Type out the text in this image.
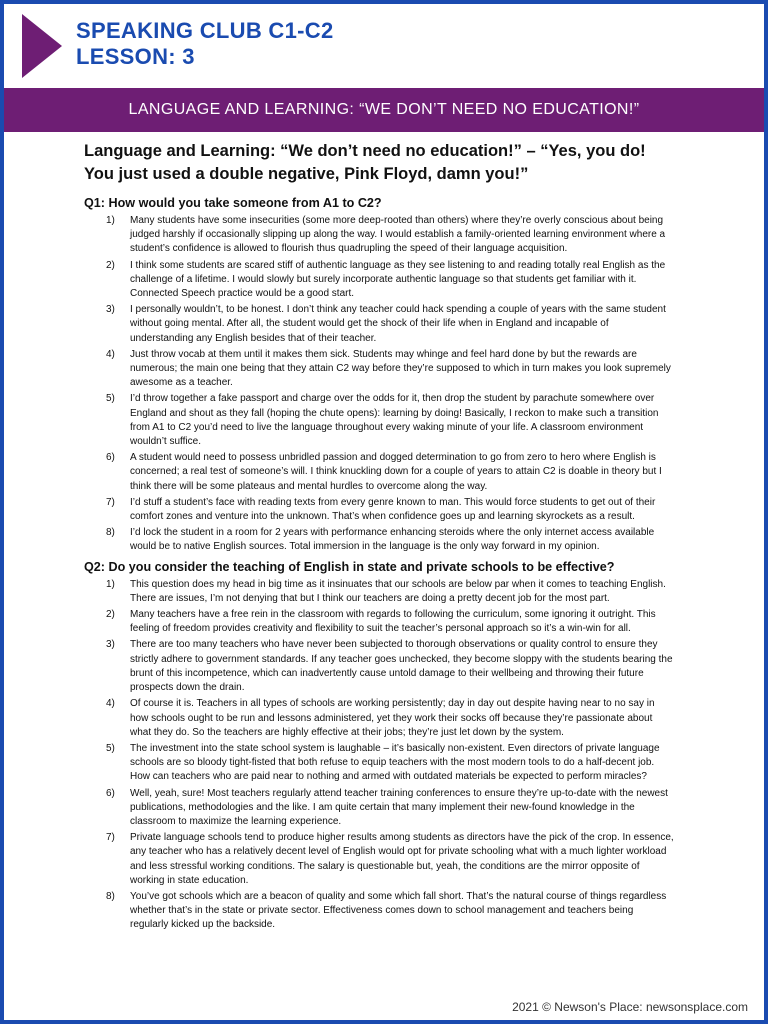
SPEAKING CLUB C1-C2
LESSON: 3
LANGUAGE AND LEARNING: “WE DON’T NEED NO EDUCATION!”
Language and Learning: “We don’t need no education!” – “Yes, you do! You just used a double negative, Pink Floyd, damn you!”
Q1: How would you take someone from A1 to C2?
1) Many students have some insecurities (some more deep-rooted than others) where they’re overly conscious about being judged harshly if occasionally slipping up along the way. I would establish a family-oriented learning environment where a student’s confidence is allowed to flourish thus quadrupling the speed of their language acquisition.
2) I think some students are scared stiff of authentic language as they see listening to and reading totally real English as the challenge of a lifetime. I would slowly but surely incorporate authentic language so that students get familiar with it. Connected Speech practice would be a good start.
3) I personally wouldn’t, to be honest. I don’t think any teacher could hack spending a couple of years with the same student without going mental. After all, the student would get the shock of their life when in England and incapable of understanding any English besides that of their teacher.
4) Just throw vocab at them until it makes them sick. Students may whinge and feel hard done by but the rewards are numerous; the main one being that they attain C2 way before they’re supposed to which in turn makes you look supremely awesome as a teacher.
5) I’d throw together a fake passport and charge over the odds for it, then drop the student by parachute somewhere over England and shout as they fall (hoping the chute opens): learning by doing! Basically, I reckon to make such a transition from A1 to C2 you’d need to live the language throughout every waking minute of your life. A classroom environment wouldn’t suffice.
6) A student would need to possess unbridled passion and dogged determination to go from zero to hero where English is concerned; a real test of someone’s will. I think knuckling down for a couple of years to attain C2 is doable in theory but I think there will be some plateaus and mental hurdles to overcome along the way.
7) I’d stuff a student’s face with reading texts from every genre known to man. This would force students to get out of their comfort zones and venture into the unknown. That’s when confidence goes up and learning skyrockets as a result.
8) I’d lock the student in a room for 2 years with performance enhancing steroids where the only internet access available would be to native English sources. Total immersion in the language is the only way forward in my opinion.
Q2: Do you consider the teaching of English in state and private schools to be effective?
1) This question does my head in big time as it insinuates that our schools are below par when it comes to teaching English. There are issues, I’m not denying that but I think our teachers are doing a pretty decent job for the most part.
2) Many teachers have a free rein in the classroom with regards to following the curriculum, some ignoring it outright. This feeling of freedom provides creativity and flexibility to suit the teacher’s personal approach so it’s a win-win for all.
3) There are too many teachers who have never been subjected to thorough observations or quality control to ensure they strictly adhere to government standards. If any teacher goes unchecked, they become sloppy with the students bearing the brunt of this incompetence, which can inadvertently cause untold damage to their wellbeing and throwing their future prospects down the drain.
4) Of course it is. Teachers in all types of schools are working persistently; day in day out despite having near to no say in how schools ought to be run and lessons administered, yet they work their socks off because they’re passionate about what they do. So the teachers are highly effective at their jobs; they’re just let down by the system.
5) The investment into the state school system is laughable – it’s basically non-existent. Even directors of private language schools are so bloody tight-fisted that both refuse to equip teachers with the most modern tools to do a half-decent job. How can teachers who are paid near to nothing and armed with outdated materials be expected to perform miracles?
6) Well, yeah, sure! Most teachers regularly attend teacher training conferences to ensure they’re up-to-date with the newest publications, methodologies and the like. I am quite certain that many implement their new-found knowledge in the classroom to maximize the learning experience.
7) Private language schools tend to produce higher results among students as directors have the pick of the crop. In essence, any teacher who has a relatively decent level of English would opt for private schooling what with a much lighter workload and less stressful working conditions. The salary is questionable but, yeah, the conditions are the mirror opposite of working in state education.
8) You’ve got schools which are a beacon of quality and some which fall short. That’s the natural course of things regardless whether that’s in the state or private sector. Effectiveness comes down to school management and teachers being regularly kicked up the backside.
2021 © Newson's Place: newsonsplace.com
